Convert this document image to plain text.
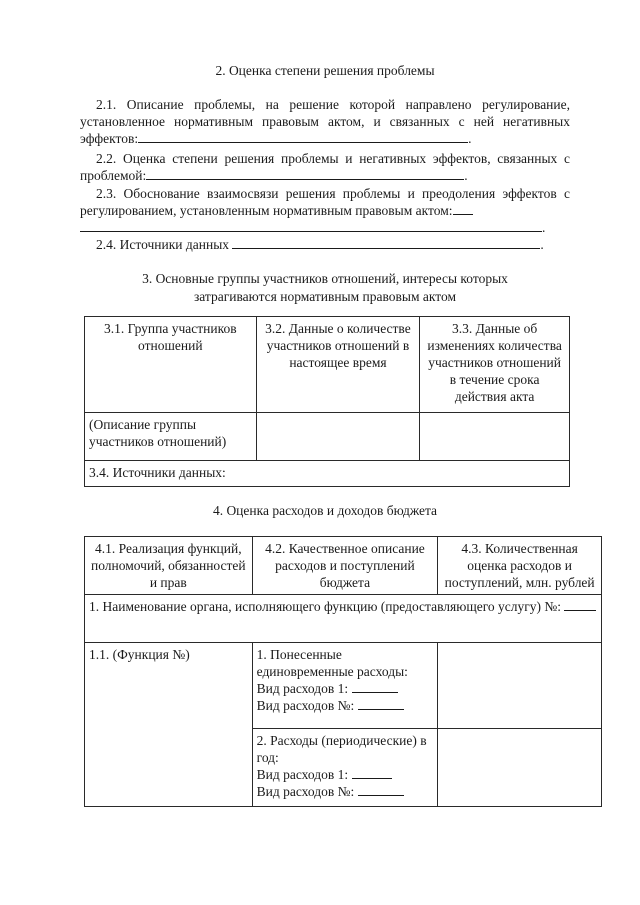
2. Оценка степени решения проблемы
2.1. Описание проблемы, на решение которой направлено регулирование, установленное нормативным правовым актом, и связанных с ней негативных эффектов:	.
2.2. Оценка степени решения проблемы и негативных эффектов, связанных с проблемой:	.
2.3. Обоснование взаимосвязи решения проблемы и преодоления эффектов с регулированием, установленным нормативным правовым актом:
.
2.4. Источники данных	.
3. Основные группы участников отношений, интересы которых
затрагиваются нормативным правовым актом
3.1. Группа участников отношений	3.2. Данные о количестве участников отношений в настоящее время	3.3. Данные об изменениях количества участников отношений в течение срока действия акта
(Описание группы участников отношений)		
3.4. Источники данных:		
4. Оценка расходов и доходов бюджета
4.1. Реализация функций, полномочий, обязанностей и прав	4.2. Качественное описание расходов и поступлений бюджета	4.3. Количественная оценка расходов и поступлений, млн. рублей
1. Наименование органа, исполняющего функцию (предоставляющего услугу) №:		
1.1. (Функция №)	1. Понесенные единовременные расходы:
Вид расходов 1:
Вид расходов №:	

	2. Расходы (периодические) в год:
Вид расходов 1:
Вид расходов №:	
